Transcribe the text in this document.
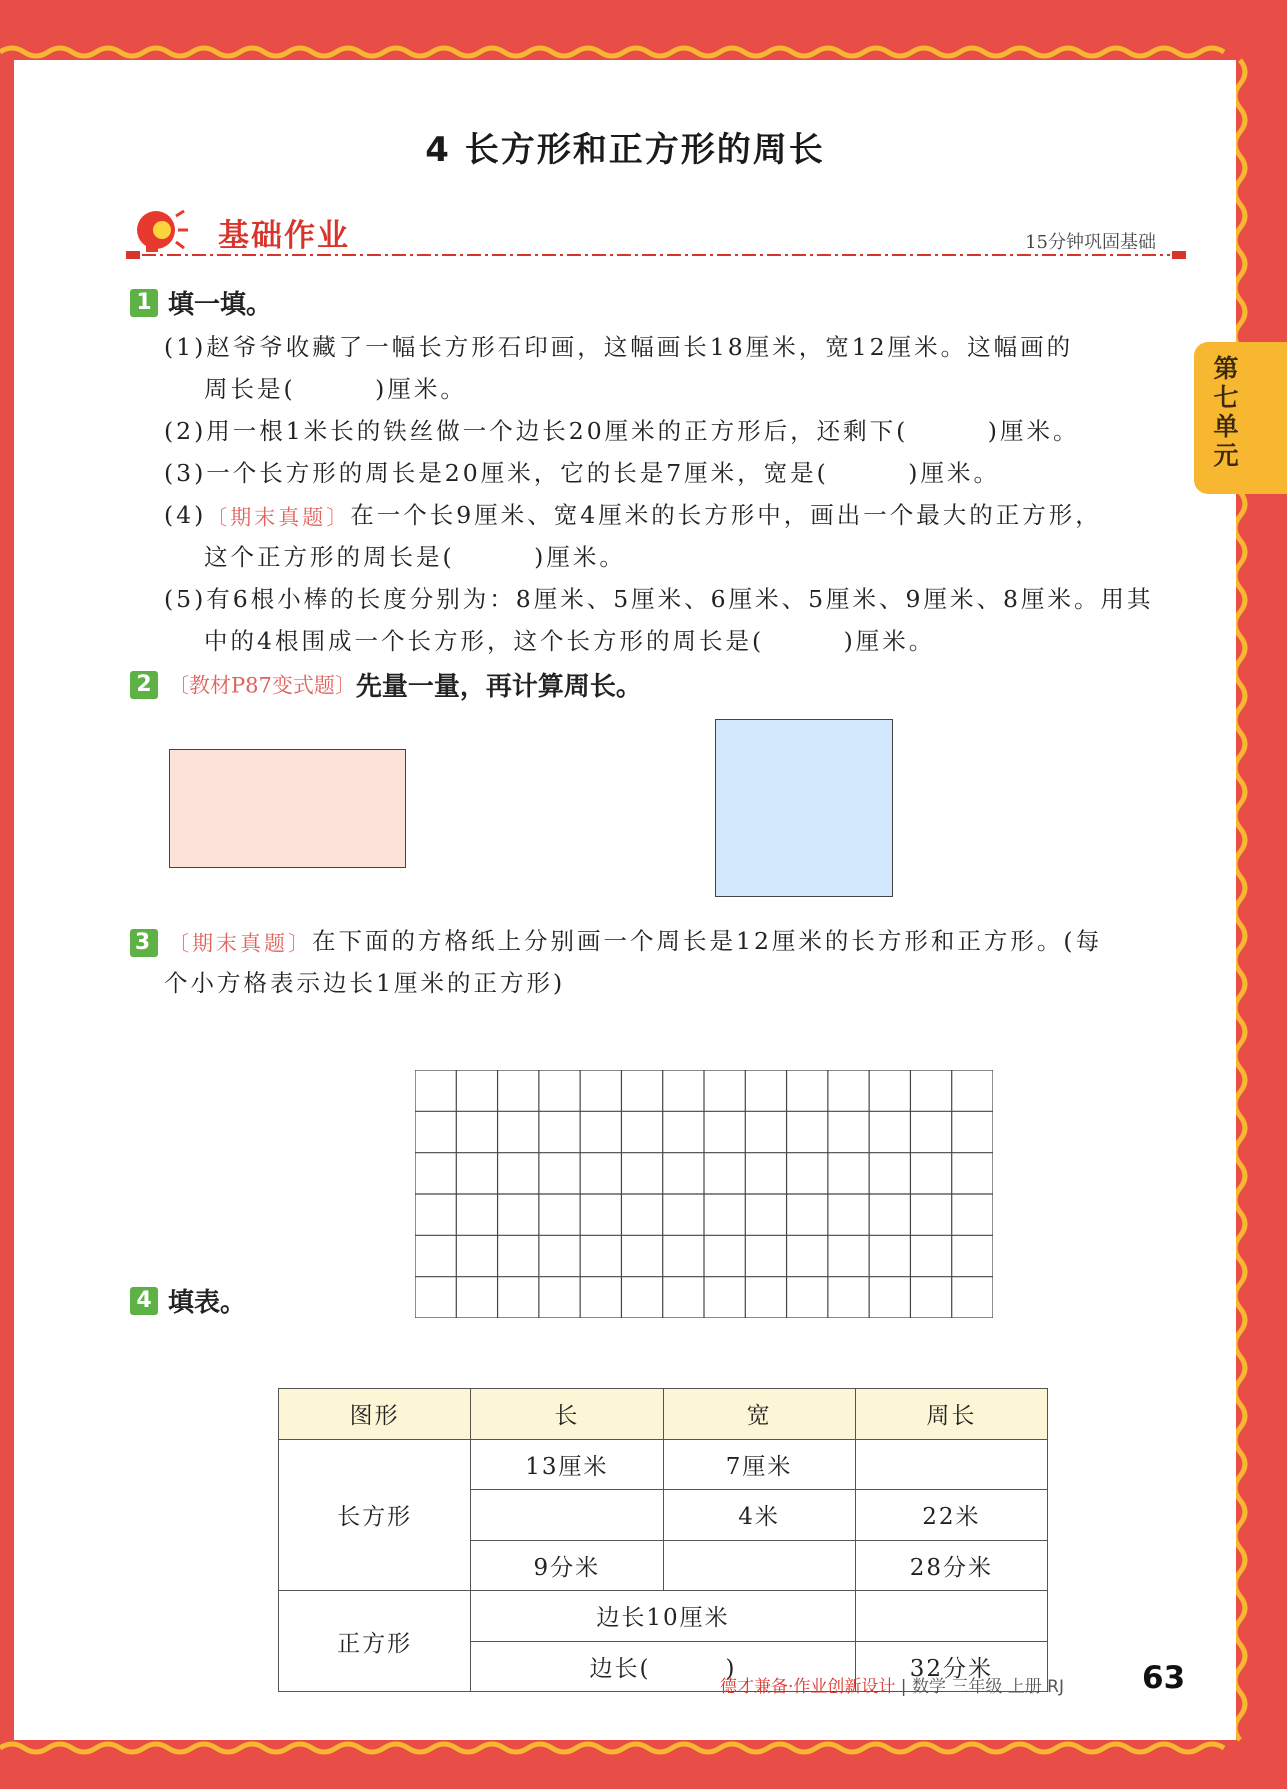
4 长方形和正方形的周长
基础作业	15分钟巩固基础
1 填一填。
(1)赵爷爷收藏了一幅长方形石印画，这幅画长18厘米，宽12厘米。这幅画的
周长是(　　　)厘米。
(2)用一根1米长的铁丝做一个边长20厘米的正方形后，还剩下(　　　)厘米。
(3)一个长方形的周长是20厘米，它的长是7厘米，宽是(　　　)厘米。
(4)〔期末真题〕在一个长9厘米、宽4厘米的长方形中，画出一个最大的正方形，
这个正方形的周长是(　　　)厘米。
(5)有6根小棒的长度分别为：8厘米、5厘米、6厘米、5厘米、9厘米、8厘米。用其
中的4根围成一个长方形，这个长方形的周长是(　　　)厘米。
2 〔教材P87变式题〕先量一量，再计算周长。
3 〔期末真题〕在下面的方格纸上分别画一个周长是12厘米的长方形和正方形。(每
个小方格表示边长1厘米的正方形)
4 填表。
图形	长	宽	周长
长方形	13厘米	7厘米	
		4米	22米
	9分米		28分米
正方形	边长10厘米		
	边长(　　　)		32分米
德才兼备·作业创新设计 | 数学 三年级 上册 RJ	63
第七单元
